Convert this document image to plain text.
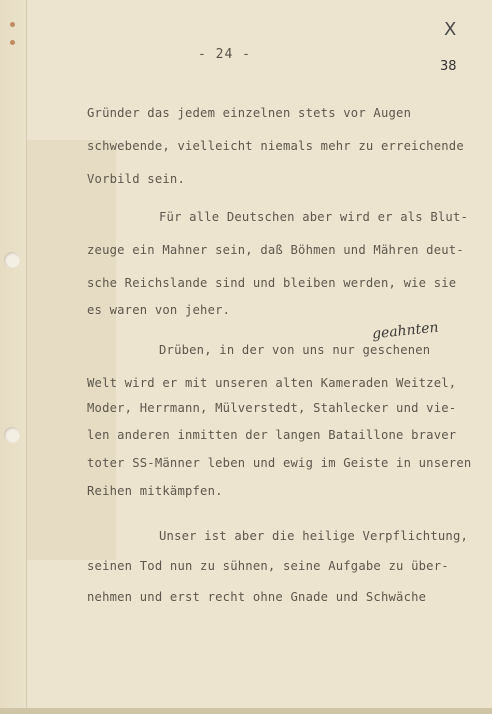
- 24 -
X
38
Gründer das jedem einzelnen stets vor Augen
schwebende, vielleicht niemals mehr zu erreichende
Vorbild sein.
Für alle Deutschen aber wird er als Blut-
zeuge ein Mahner sein, daß Böhmen und Mähren deut-
sche Reichslande sind und bleiben werden, wie sie
es waren von jeher.
geahnten
Drüben, in der von uns nur geschenen
Welt wird er mit unseren alten Kameraden Weitzel,
Moder, Herrmann, Mülverstedt, Stahlecker und vie-
len anderen inmitten der langen Bataillone braver
toter SS-Männer leben und ewig im Geiste in unseren
Reihen mitkämpfen.
Unser ist aber die heilige Verpflichtung,
seinen Tod nun zu sühnen, seine Aufgabe zu über-
nehmen und erst recht ohne Gnade und Schwäche
